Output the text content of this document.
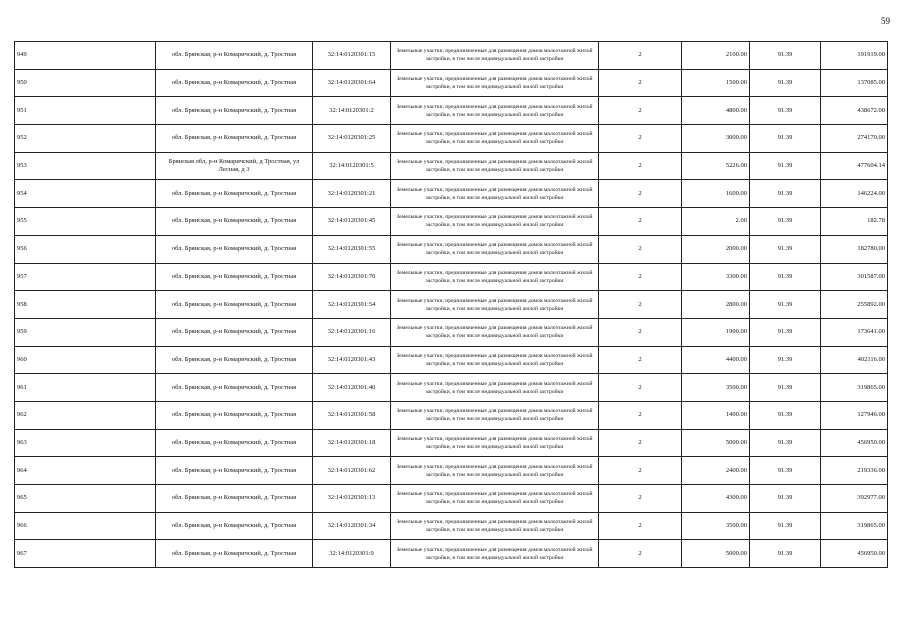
59
949	обл. Брянская, р-н Комаричский, д. Тростная	32:14:0120301:15	Земельные участки, предназначенные для размещения домов малоэтажной жилой застройки, в том числе индивидуальной жилой застройки	2	2100.00	91.39	191919.00
950	обл. Брянская, р-н Комаричский, д. Тростная	32:14:0120301:64	Земельные участки, предназначенные для размещения домов малоэтажной жилой застройки, в том числе индивидуальной жилой застройки	2	1500.00	91.39	137085.00
951	обл. Брянская, р-н Комаричский, д. Тростная	32:14:0120301:2	Земельные участки, предназначенные для размещения домов малоэтажной жилой застройки, в том числе индивидуальной жилой застройки	2	4800.00	91.39	438672.00
952	обл. Брянская, р-н Комаричский, д. Тростная	32:14:0120301:25	Земельные участки, предназначенные для размещения домов малоэтажной жилой застройки, в том числе индивидуальной жилой застройки	2	3000.00	91.39	274170.00
953	Брянская обл, р-н Комаричский, д Тростная, ул Лесная, д 3	32:14:0120301:5	Земельные участки, предназначенные для размещения домов малоэтажной жилой застройки, в том числе индивидуальной жилой застройки	2	5226.00	91.39	477604.14
954	обл. Брянская, р-н Комаричский, д. Тростная	32:14:0120301:21	Земельные участки, предназначенные для размещения домов малоэтажной жилой застройки, в том числе индивидуальной жилой застройки	2	1600.00	91.39	146224.00
955	обл. Брянская, р-н Комаричский, д. Тростная	32:14:0120301:45	Земельные участки, предназначенные для размещения домов малоэтажной жилой застройки, в том числе индивидуальной жилой застройки	2	2.00	91.39	182.78
956	обл. Брянская, р-н Комаричский, д. Тростная	32:14:0120301:55	Земельные участки, предназначенные для размещения домов малоэтажной жилой застройки, в том числе индивидуальной жилой застройки	2	2000.00	91.39	182780.00
957	обл. Брянская, р-н Комаричский, д. Тростная	32:14:0120301:70	Земельные участки, предназначенные для размещения домов малоэтажной жилой застройки, в том числе индивидуальной жилой застройки	2	3300.00	91.39	301587.00
958	обл. Брянская, р-н Комаричский, д. Тростная	32:14:0120301:54	Земельные участки, предназначенные для размещения домов малоэтажной жилой застройки, в том числе индивидуальной жилой застройки	2	2800.00	91.39	255892.00
959	обл. Брянская, р-н Комаричский, д. Тростная	32:14:0120301:16	Земельные участки, предназначенные для размещения домов малоэтажной жилой застройки, в том числе индивидуальной жилой застройки	2	1900.00	91.39	173641.00
960	обл. Брянская, р-н Комаричский, д. Тростная	32:14:0120301:43	Земельные участки, предназначенные для размещения домов малоэтажной жилой застройки, в том числе индивидуальной жилой застройки	2	4400.00	91.39	402116.00
961	обл. Брянская, р-н Комаричский, д. Тростная	32:14:0120301:40	Земельные участки, предназначенные для размещения домов малоэтажной жилой застройки, в том числе индивидуальной жилой застройки	2	3500.00	91.39	319865.00
962	обл. Брянская, р-н Комаричский, д. Тростная	32:14:0120301:58	Земельные участки, предназначенные для размещения домов малоэтажной жилой застройки, в том числе индивидуальной жилой застройки	2	1400.00	91.39	127946.00
963	обл. Брянская, р-н Комаричский, д. Тростная	32:14:0120301:18	Земельные участки, предназначенные для размещения домов малоэтажной жилой застройки, в том числе индивидуальной жилой застройки	2	5000.00	91.39	456950.00
964	обл. Брянская, р-н Комаричский, д. Тростная	32:14:0120301:62	Земельные участки, предназначенные для размещения домов малоэтажной жилой застройки, в том числе индивидуальной жилой застройки	2	2400.00	91.39	219336.00
965	обл. Брянская, р-н Комаричский, д. Тростная	32:14:0120301:13	Земельные участки, предназначенные для размещения домов малоэтажной жилой застройки, в том числе индивидуальной жилой застройки	2	4300.00	91.39	392977.00
966	обл. Брянская, р-н Комаричский, д. Тростная	32:14:0120301:34	Земельные участки, предназначенные для размещения домов малоэтажной жилой застройки, в том числе индивидуальной жилой застройки	2	3500.00	91.39	319865.00
967	обл. Брянская, р-н Комаричский, д. Тростная	32:14:0120301:9	Земельные участки, предназначенные для размещения домов малоэтажной жилой застройки, в том числе индивидуальной жилой застройки	2	5000.00	91.39	456950.00
